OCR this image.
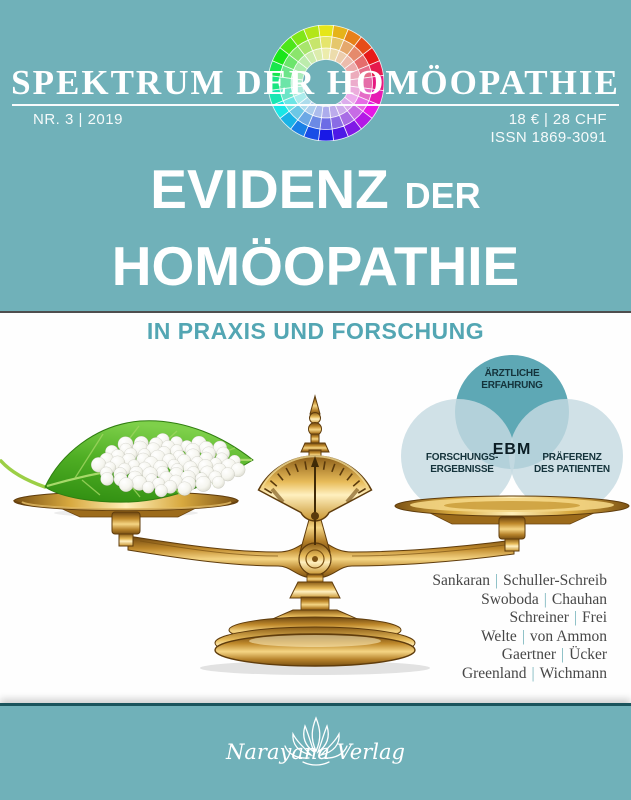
SPEKTRUM DER HOMÖOPATHIE
NR. 3 | 2019	18 € | 28 CHF
ISSN 1869-3091
EVIDENZ DER
HOMÖOPATHIE
IN PRAXIS UND FORSCHUNG
ÄRZTLICHE
ERFAHRUNG
FORSCHUNGS-
ERGEBNISSE
PRÄFERENZ
DES PATIENTEN
EBM
Sankaran | Schuller-Schreib
Swoboda | Chauhan
Schreiner | Frei
Welte | von Ammon
Gaertner | Ücker
Greenland | Wichmann
Narayana Verlag
